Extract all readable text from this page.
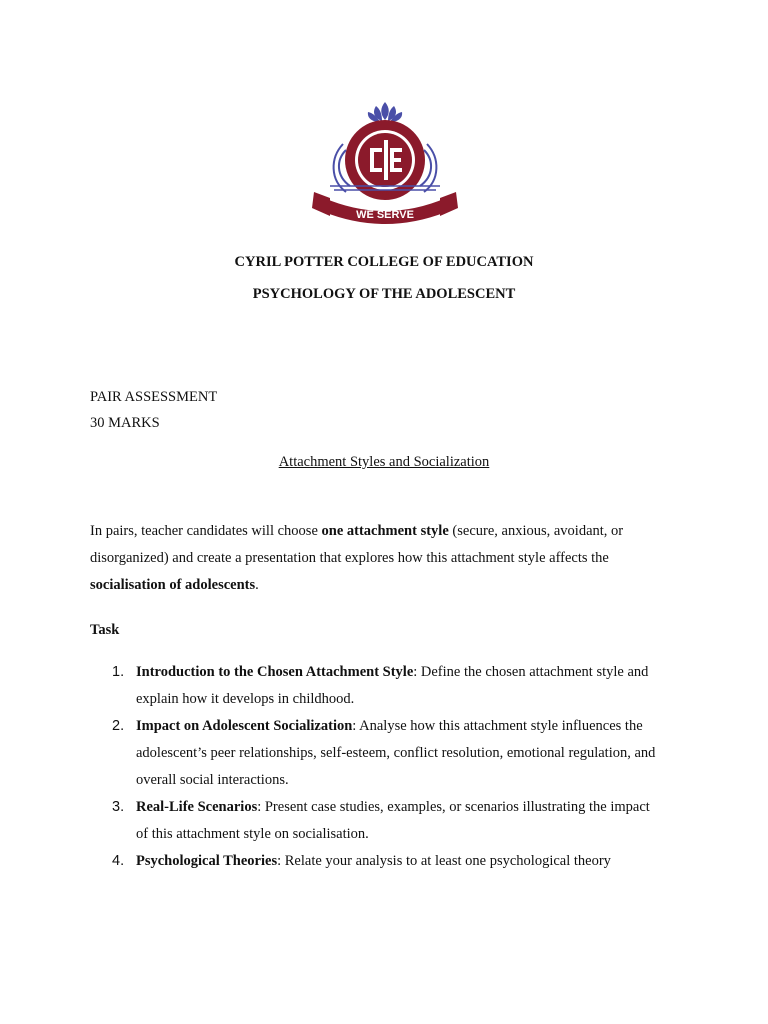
GUYANA
WE SERVE
CYRIL POTTER COLLEGE OF EDUCATION
PSYCHOLOGY OF THE ADOLESCENT
PAIR ASSESSMENT
30 MARKS
Attachment Styles and Socialization

In pairs, teacher candidates will choose one attachment style (secure, anxious, avoidant, or

disorganized) and create a presentation that explores how this attachment style affects the

socialisation of adolescents.

Task
1. Introduction to the Chosen Attachment Style: Define the chosen attachment style and
explain how it develops in childhood.
2. Impact on Adolescent Socialization: Analyse how this attachment style influences the
adolescent’s peer relationships, self-esteem, conflict resolution, emotional regulation, and
overall social interactions.
3. Real-Life Scenarios: Present case studies, examples, or scenarios illustrating the impact
of this attachment style on socialisation.
4. Psychological Theories: Relate your analysis to at least one psychological theory
